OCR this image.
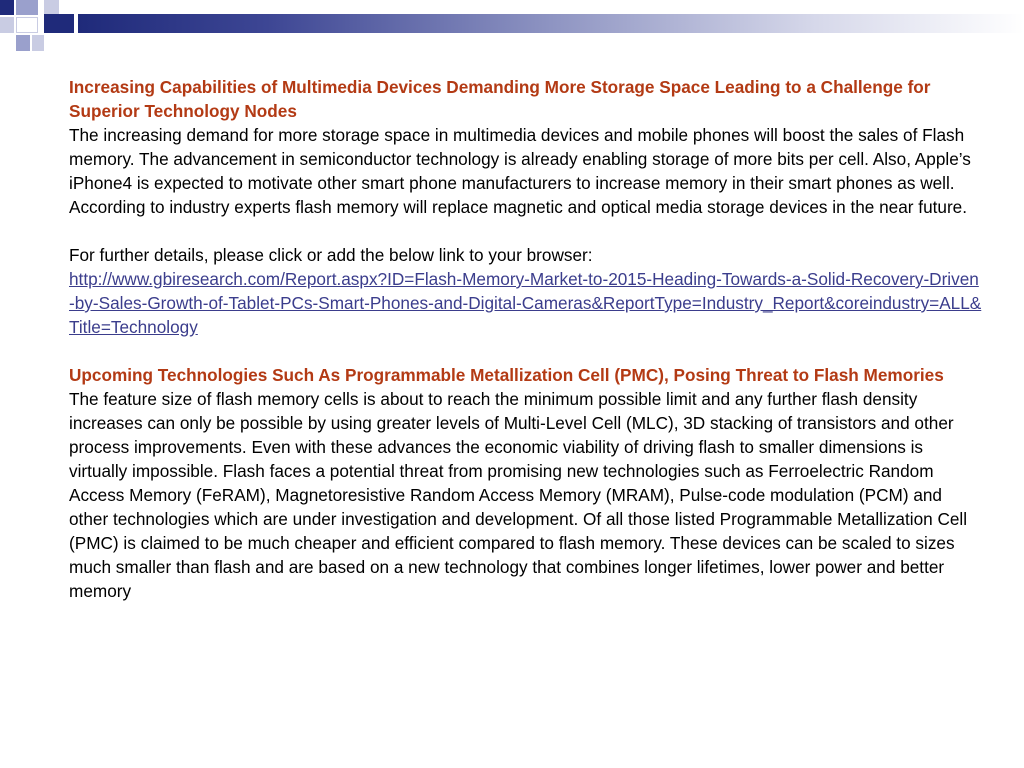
Increasing Capabilities of Multimedia Devices Demanding More Storage Space Leading to a Challenge for Superior Technology Nodes

The increasing demand for more storage space in multimedia devices and mobile phones will boost the sales of Flash memory. The advancement in semiconductor technology is already enabling storage of more bits per cell. Also, Apple’s iPhone4 is expected to motivate other smart phone manufacturers to increase memory in their smart phones as well. According to industry experts flash memory will replace magnetic and optical media storage devices in the near future.

For further details, please click or add the below link to your browser:

http://www.gbiresearch.com/Report.aspx?ID=Flash-Memory-Market-to-2015-Heading-Towards-a-Solid-Recovery-Driven-by-Sales-Growth-of-Tablet-PCs-Smart-Phones-and-Digital-Cameras&ReportType=Industry_Report&coreindustry=ALL&Title=Technology

Upcoming Technologies Such As Programmable Metallization Cell (PMC), Posing Threat to Flash Memories

The feature size of flash memory cells is about to reach the minimum possible limit and any further flash density increases can only be possible by using greater levels of Multi-Level Cell (MLC), 3D stacking of transistors and other process improvements. Even with these advances the economic viability of driving flash to smaller dimensions is virtually impossible. Flash faces a potential threat from promising new technologies such as Ferroelectric Random Access Memory (FeRAM), Magnetoresistive Random Access Memory (MRAM), Pulse-code modulation (PCM) and other technologies which are under investigation and development. Of all those listed Programmable Metallization Cell (PMC) is claimed to be much cheaper and efficient compared to flash memory. These devices can be scaled to sizes much smaller than flash and are based on a new technology that combines longer lifetimes, lower power and better memory
